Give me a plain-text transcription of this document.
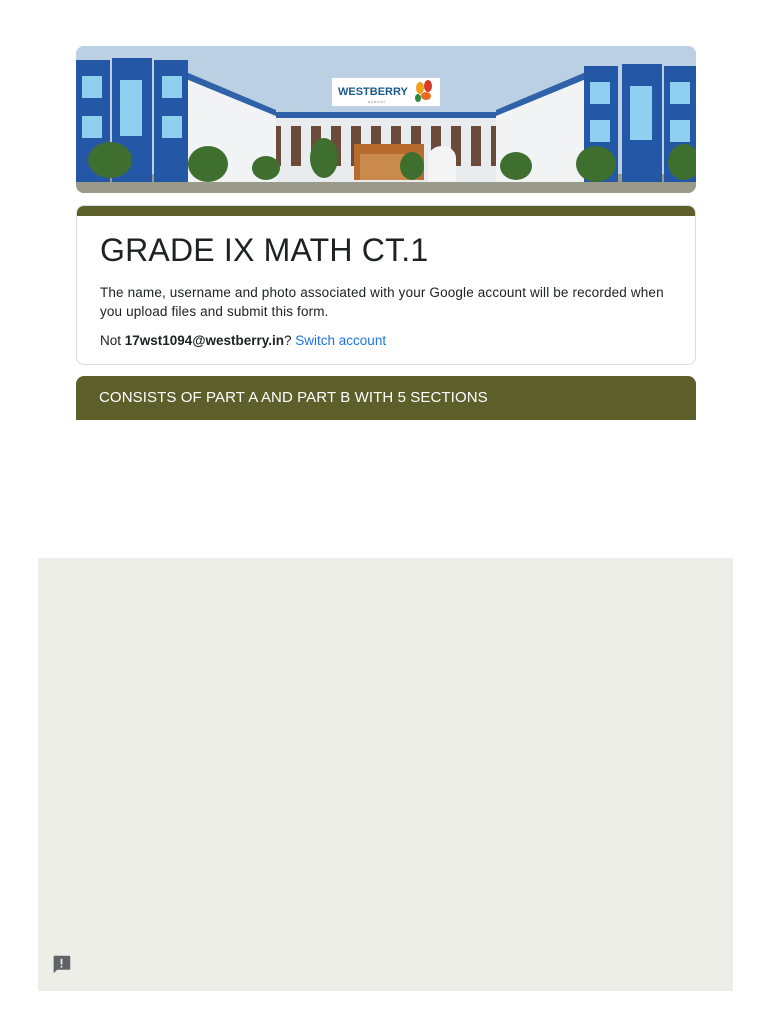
WESTBERRY
school
GRADE IX MATH CT.1
The name, username and photo associated with your Google account will be recorded when you upload files and submit this form.
Not 17wst1094@westberry.in? Switch account
CONSISTS OF PART A AND PART B WITH 5 SECTIONS
